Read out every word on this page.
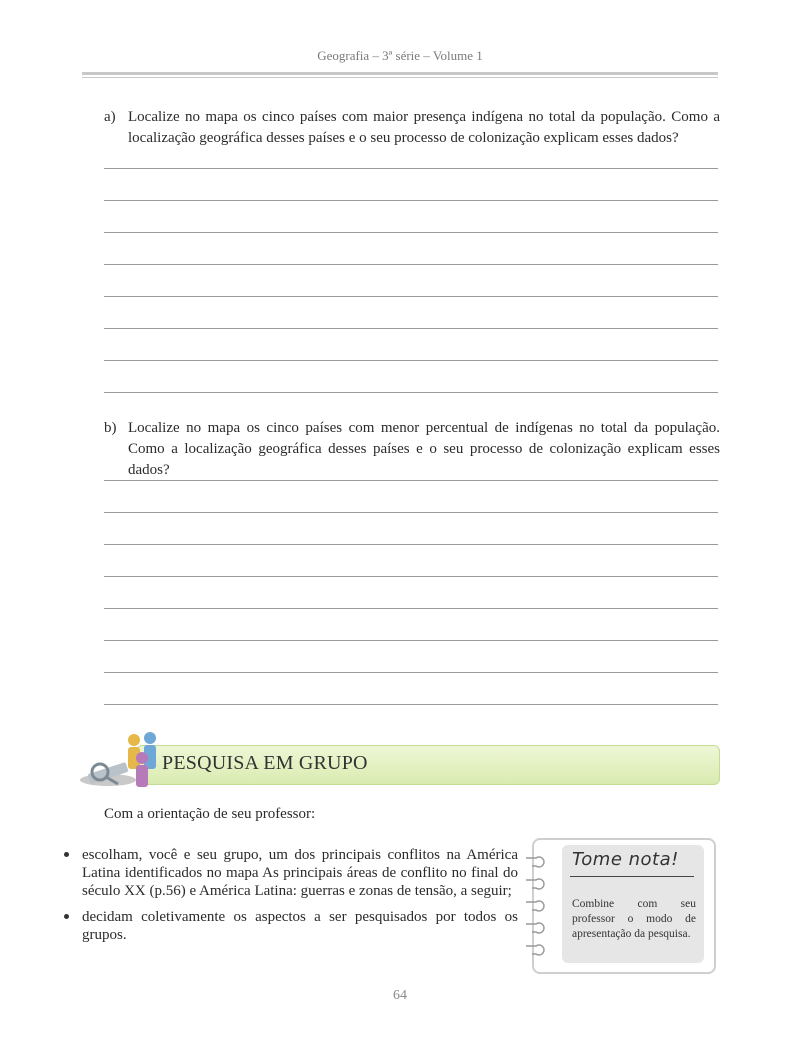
Geografia – 3ª série – Volume 1
a) Localize no mapa os cinco países com maior presença indígena no total da população. Como a localização geográfica desses países e o seu processo de colonização explicam esses dados?
b) Localize no mapa os cinco países com menor percentual de indígenas no total da população. Como a localização geográfica desses países e o seu processo de colonização explicam esses dados?
PESQUISA EM GRUPO
Com a orientação de seu professor:
escolham, você e seu grupo, um dos principais conflitos na América Latina identificados no mapa As principais áreas de conflito no final do século XX (p.56) e América Latina: guerras e zonas de tensão, a seguir;
decidam coletivamente os aspectos a ser pesquisados por todos os grupos.
Tome nota!
Combine com seu professor o modo de apresentação da pesquisa.
64
